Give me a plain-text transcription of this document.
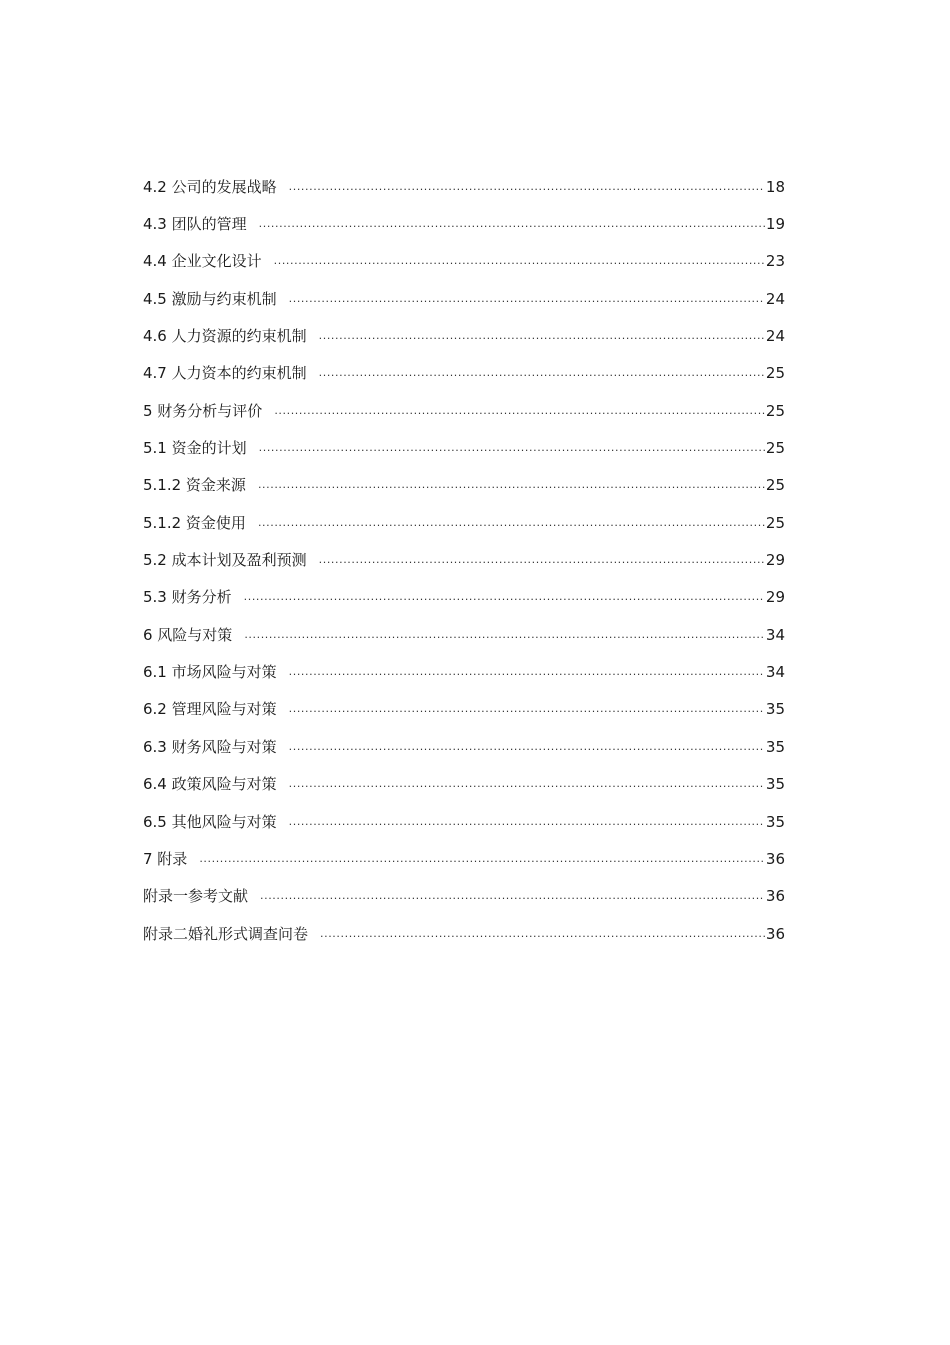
4.2 公司的发展战略 .....	18
4.3 团队的管理 .....	19
4.4 企业文化设计 .....	23
4.5 激励与约束机制 .....	24
4.6 人力资源的约束机制 .....	24
4.7 人力资本的约束机制 .....	25
5 财务分析与评价 .....	25
5.1 资金的计划 .....	25
5.1.2 资金来源 .....	25
5.1.2 资金使用 .....	25
5.2 成本计划及盈利预测 .....	29
5.3 财务分析 .....	29
6 风险与对策 .....	34
6.1 市场风险与对策 .....	34
6.2 管理风险与对策 .....	35
6.3 财务风险与对策 .....	35
6.4 政策风险与对策 .....	35
6.5 其他风险与对策 .....	35
7 附录 .....	36
附录一参考文献 .....	36
附录二婚礼形式调查问卷 .....	36
